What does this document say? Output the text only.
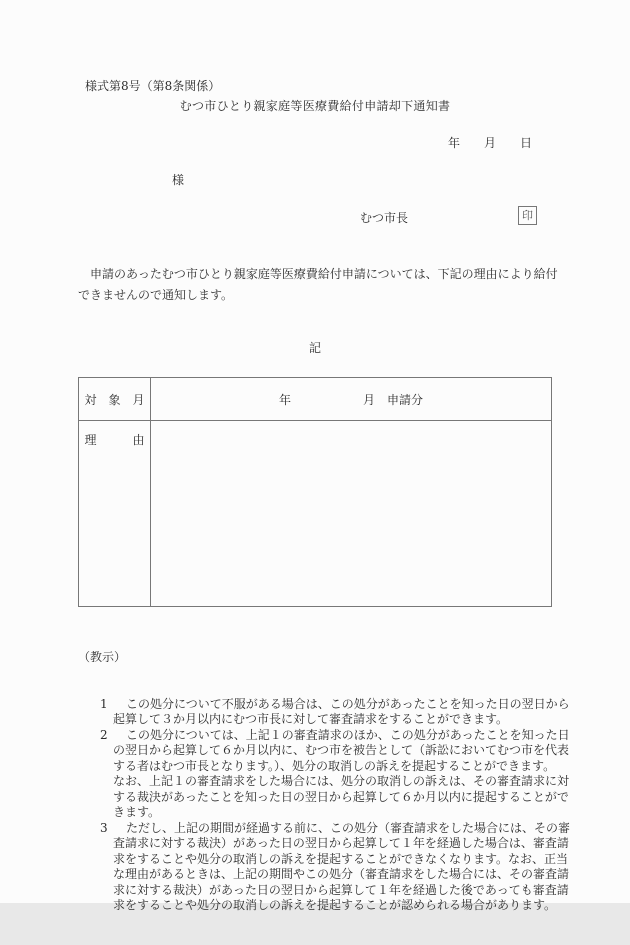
様式第8号（第8条関係）
むつ市ひとり親家庭等医療費給付申請却下通知書
年　　月　　日
様
むつ市長	印
申請のあったむつ市ひとり親家庭等医療費給付申請については、下記の理由により給付
できませんので通知します。
記
対　象　月	年　　　　　　月　申請分
理　　　由	

（教示）

1 この処分について不服がある場合は、この処分があったことを知った日の翌日から
起算して３か月以内にむつ市長に対して審査請求をすることができます。
2 この処分については、上記１の審査請求のほか、この処分があったことを知った日
の翌日から起算して６か月以内に、むつ市を被告として（訴訟においてむつ市を代表
する者はむつ市長となります。）、処分の取消しの訴えを提起することができます。
なお、上記１の審査請求をした場合には、処分の取消しの訴えは、その審査請求に対
する裁決があったことを知った日の翌日から起算して６か月以内に提起することがで
きます。
3 ただし、上記の期間が経過する前に、この処分（審査請求をした場合には、その審
査請求に対する裁決）があった日の翌日から起算して１年を経過した場合は、審査請
求をすることや処分の取消しの訴えを提起することができなくなります。なお、正当
な理由があるときは、上記の期間やこの処分（審査請求をした場合には、その審査請
求に対する裁決）があった日の翌日から起算して１年を経過した後であっても審査請
求をすることや処分の取消しの訴えを提起することが認められる場合があります。
